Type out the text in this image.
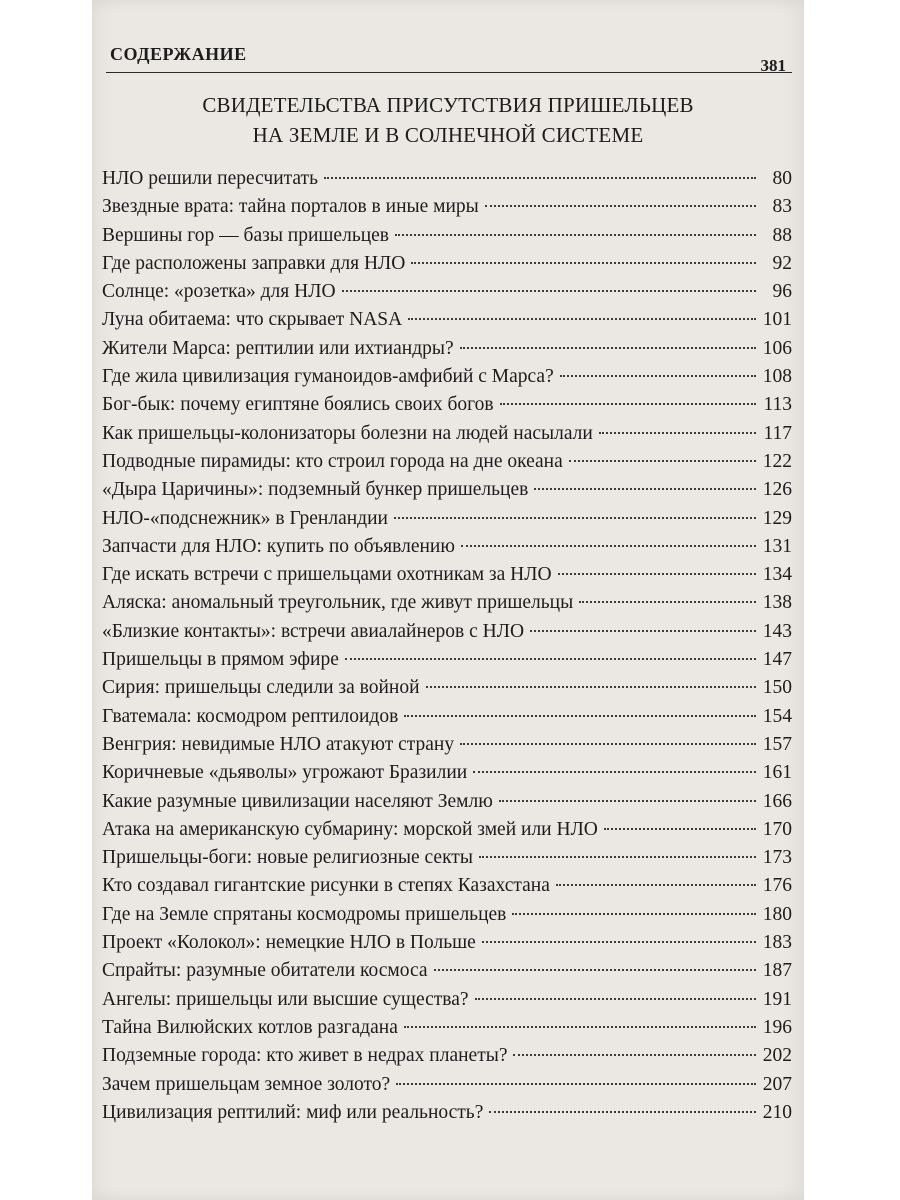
СОДЕРЖАНИЕ
381
СВИДЕТЕЛЬСТВА ПРИСУТСТВИЯ ПРИШЕЛЬЦЕВ
НА ЗЕМЛЕ И В СОЛНЕЧНОЙ СИСТЕМЕ
НЛО решили пересчитать	80
Звездные врата: тайна порталов в иные миры	83
Вершины гор — базы пришельцев	88
Где расположены заправки для НЛО	92
Солнце: «розетка» для НЛО	96
Луна обитаема: что скрывает NASA	101
Жители Марса: рептилии или ихтиандры?	106
Где жила цивилизация гуманоидов-амфибий с Марса?	108
Бог-бык: почему египтяне боялись своих богов	113
Как пришельцы-колонизаторы болезни на людей насылали	117
Подводные пирамиды: кто строил города на дне океана	122
«Дыра Царичины»: подземный бункер пришельцев	126
НЛО-«подснежник» в Гренландии	129
Запчасти для НЛО: купить по объявлению	131
Где искать встречи с пришельцами охотникам за НЛО	134
Аляска: аномальный треугольник, где живут пришельцы	138
«Близкие контакты»: встречи авиалайнеров с НЛО	143
Пришельцы в прямом эфире	147
Сирия: пришельцы следили за войной	150
Гватемала: космодром рептилоидов	154
Венгрия: невидимые НЛО атакуют страну	157
Коричневые «дьяволы» угрожают Бразилии	161
Какие разумные цивилизации населяют Землю	166
Атака на американскую субмарину: морской змей или НЛО	170
Пришельцы-боги: новые религиозные секты	173
Кто создавал гигантские рисунки в степях Казахстана	176
Где на Земле спрятаны космодромы пришельцев	180
Проект «Колокол»: немецкие НЛО в Польше	183
Спрайты: разумные обитатели космоса	187
Ангелы: пришельцы или высшие существа?	191
Тайна Вилюйских котлов разгадана	196
Подземные города: кто живет в недрах планеты?	202
Зачем пришельцам земное золото?	207
Цивилизация рептилий: миф или реальность?	210
